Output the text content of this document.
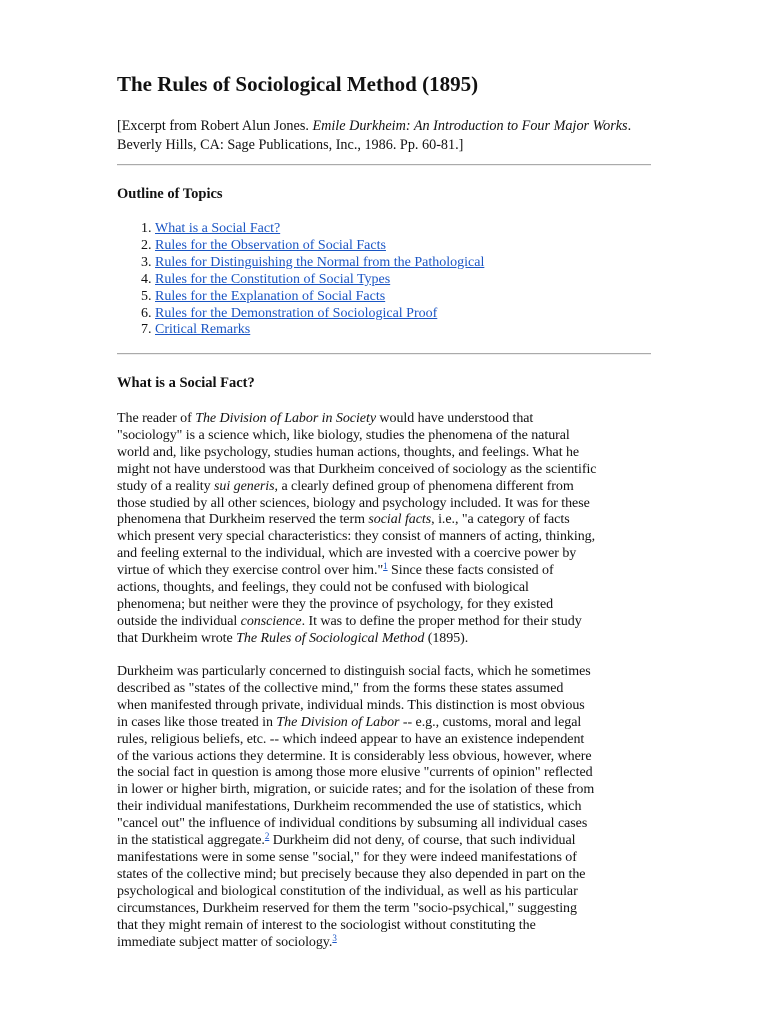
The Rules of Sociological Method (1895)

[Excerpt from Robert Alun Jones. Emile Durkheim: An Introduction to Four Major Works. Beverly Hills, CA: Sage Publications, Inc., 1986. Pp. 60-81.]

Outline of Topics
1. What is a Social Fact?
2. Rules for the Observation of Social Facts
3. Rules for Distinguishing the Normal from the Pathological
4. Rules for the Constitution of Social Types
5. Rules for the Explanation of Social Facts
6. Rules for the Demonstration of Sociological Proof
7. Critical Remarks
What is a Social Fact?

The reader of The Division of Labor in Society would have understood that
"sociology" is a science which, like biology, studies the phenomena of the natural
world and, like psychology, studies human actions, thoughts, and feelings. What he
might not have understood was that Durkheim conceived of sociology as the scientific
study of a reality sui generis, a clearly defined group of phenomena different from
those studied by all other sciences, biology and psychology included. It was for these
phenomena that Durkheim reserved the term social facts, i.e., "a category of facts
which present very special characteristics: they consist of manners of acting, thinking,
and feeling external to the individual, which are invested with a coercive power by
virtue of which they exercise control over him."$^1$ Since these facts consisted of
actions, thoughts, and feelings, they could not be confused with biological
phenomena; but neither were they the province of psychology, for they existed
outside the individual conscience. It was to define the proper method for their study
that Durkheim wrote The Rules of Sociological Method (1895).

Durkheim was particularly concerned to distinguish social facts, which he sometimes
described as "states of the collective mind," from the forms these states assumed
when manifested through private, individual minds. This distinction is most obvious
in cases like those treated in The Division of Labor -- e.g., customs, moral and legal
rules, religious beliefs, etc. -- which indeed appear to have an existence independent
of the various actions they determine. It is considerably less obvious, however, where
the social fact in question is among those more elusive "currents of opinion" reflected
in lower or higher birth, migration, or suicide rates; and for the isolation of these from
their individual manifestations, Durkheim recommended the use of statistics, which
"cancel out" the influence of individual conditions by subsuming all individual cases
in the statistical aggregate.$^2$ Durkheim did not deny, of course, that such individual
manifestations were in some sense "social," for they were indeed manifestations of
states of the collective mind; but precisely because they also depended in part on the
psychological and biological constitution of the individual, as well as his particular
circumstances, Durkheim reserved for them the term "socio-psychical," suggesting
that they might remain of interest to the sociologist without constituting the
immediate subject matter of sociology.$^3$
